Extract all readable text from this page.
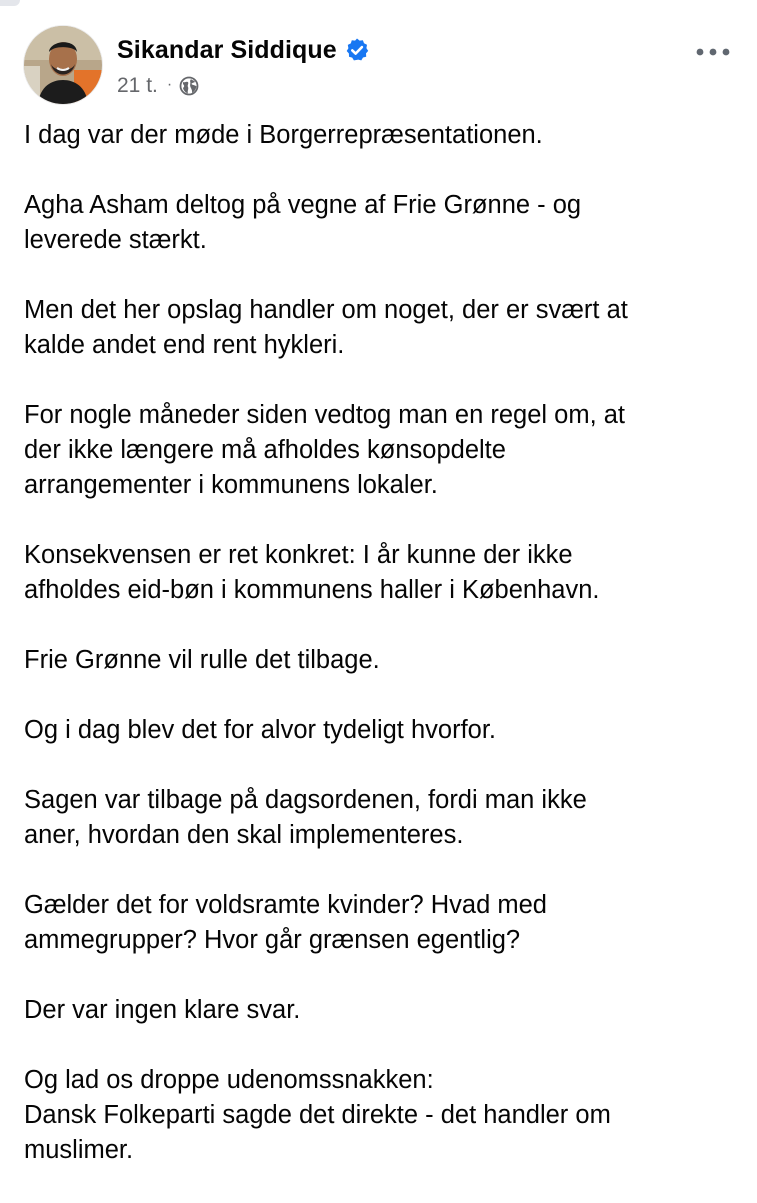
Sikandar Siddique
21 t. ·

I dag var der møde i Borgerrepræsentationen.

Agha Asham deltog på vegne af Frie Grønne - og
leverede stærkt.

Men det her opslag handler om noget, der er svært at
kalde andet end rent hykleri.

For nogle måneder siden vedtog man en regel om, at
der ikke længere må afholdes kønsopdelte
arrangementer i kommunens lokaler.

Konsekvensen er ret konkret: I år kunne der ikke
afholdes eid-bøn i kommunens haller i København.

Frie Grønne vil rulle det tilbage.

Og i dag blev det for alvor tydeligt hvorfor.

Sagen var tilbage på dagsordenen, fordi man ikke
aner, hvordan den skal implementeres.

Gælder det for voldsramte kvinder? Hvad med
ammegrupper? Hvor går grænsen egentlig?

Der var ingen klare svar.

Og lad os droppe udenomssnakken:
Dansk Folkeparti sagde det direkte - det handler om
muslimer.
